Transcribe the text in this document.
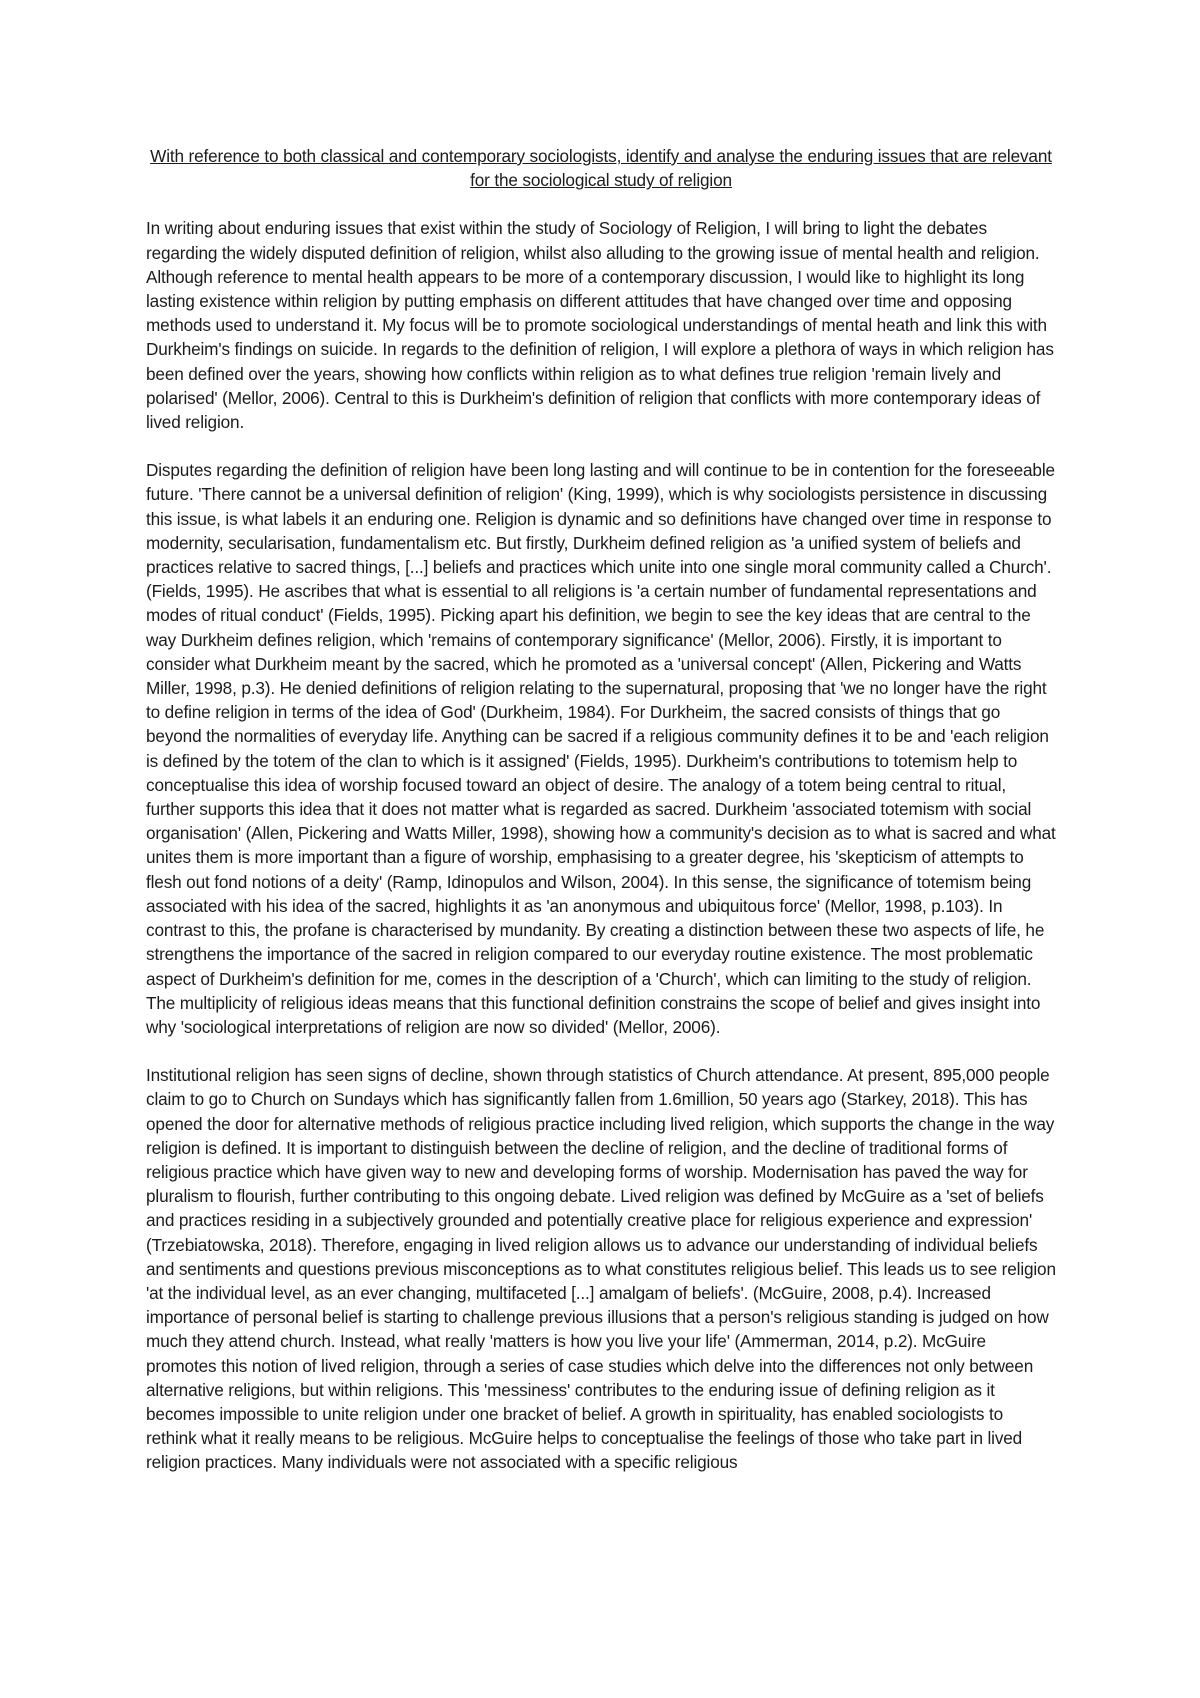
With reference to both classical and contemporary sociologists, identify and analyse the enduring issues that are relevant for the sociological study of religion

In writing about enduring issues that exist within the study of Sociology of Religion, I will bring to light the debates regarding the widely disputed definition of religion, whilst also alluding to the growing issue of mental health and religion. Although reference to mental health appears to be more of a contemporary discussion, I would like to highlight its long lasting existence within religion by putting emphasis on different attitudes that have changed over time and opposing methods used to understand it. My focus will be to promote sociological understandings of mental heath and link this with Durkheim's findings on suicide. In regards to the definition of religion, I will explore a plethora of ways in which religion has been defined over the years, showing how conflicts within religion as to what defines true religion 'remain lively and polarised' (Mellor, 2006). Central to this is Durkheim's definition of religion that conflicts with more contemporary ideas of lived religion.

Disputes regarding the definition of religion have been long lasting and will continue to be in contention for the foreseeable future. 'There cannot be a universal definition of religion' (King, 1999), which is why sociologists persistence in discussing this issue, is what labels it an enduring one. Religion is dynamic and so definitions have changed over time in response to modernity, secularisation, fundamentalism etc. But firstly, Durkheim defined religion as 'a unified system of beliefs and practices relative to sacred things, [...] beliefs and practices which unite into one single moral community called a Church'. (Fields, 1995). He ascribes that what is essential to all religions is 'a certain number of fundamental representations and modes of ritual conduct' (Fields, 1995). Picking apart his definition, we begin to see the key ideas that are central to the way Durkheim defines religion, which 'remains of contemporary significance' (Mellor, 2006). Firstly, it is important to consider what Durkheim meant by the sacred, which he promoted as a 'universal concept' (Allen, Pickering and Watts Miller, 1998, p.3). He denied definitions of religion relating to the supernatural, proposing that 'we no longer have the right to define religion in terms of the idea of God' (Durkheim, 1984). For Durkheim, the sacred consists of things that go beyond the normalities of everyday life. Anything can be sacred if a religious community defines it to be and 'each religion is defined by the totem of the clan to which is it assigned' (Fields, 1995). Durkheim's contributions to totemism help to conceptualise this idea of worship focused toward an object of desire. The analogy of a totem being central to ritual, further supports this idea that it does not matter what is regarded as sacred. Durkheim 'associated totemism with social organisation' (Allen, Pickering and Watts Miller, 1998), showing how a community's decision as to what is sacred and what unites them is more important than a figure of worship, emphasising to a greater degree, his 'skepticism of attempts to flesh out fond notions of a deity' (Ramp, Idinopulos and Wilson, 2004). In this sense, the significance of totemism being associated with his idea of the sacred, highlights it as 'an anonymous and ubiquitous force' (Mellor, 1998, p.103). In contrast to this, the profane is characterised by mundanity. By creating a distinction between these two aspects of life, he strengthens the importance of the sacred in religion compared to our everyday routine existence. The most problematic aspect of Durkheim's definition for me, comes in the description of a 'Church', which can limiting to the study of religion. The multiplicity of religious ideas means that this functional definition constrains the scope of belief and gives insight into why 'sociological interpretations of religion are now so divided' (Mellor, 2006).

Institutional religion has seen signs of decline, shown through statistics of Church attendance. At present, 895,000 people claim to go to Church on Sundays which has significantly fallen from 1.6million, 50 years ago (Starkey, 2018). This has opened the door for alternative methods of religious practice including lived religion, which supports the change in the way religion is defined. It is important to distinguish between the decline of religion, and the decline of traditional forms of religious practice which have given way to new and developing forms of worship. Modernisation has paved the way for pluralism to flourish, further contributing to this ongoing debate. Lived religion was defined by McGuire as a 'set of beliefs and practices residing in a subjectively grounded and potentially creative place for religious experience and expression' (Trzebiatowska, 2018). Therefore, engaging in lived religion allows us to advance our understanding of individual beliefs and sentiments and questions previous misconceptions as to what constitutes religious belief. This leads us to see religion 'at the individual level, as an ever changing, multifaceted [...] amalgam of beliefs'. (McGuire, 2008, p.4). Increased importance of personal belief is starting to challenge previous illusions that a person's religious standing is judged on how much they attend church. Instead, what really 'matters is how you live your life' (Ammerman, 2014, p.2). McGuire promotes this notion of lived religion, through a series of case studies which delve into the differences not only between alternative religions, but within religions. This 'messiness' contributes to the enduring issue of defining religion as it becomes impossible to unite religion under one bracket of belief. A growth in spirituality, has enabled sociologists to rethink what it really means to be religious. McGuire helps to conceptualise the feelings of those who take part in lived religion practices. Many individuals were not associated with a specific religious
